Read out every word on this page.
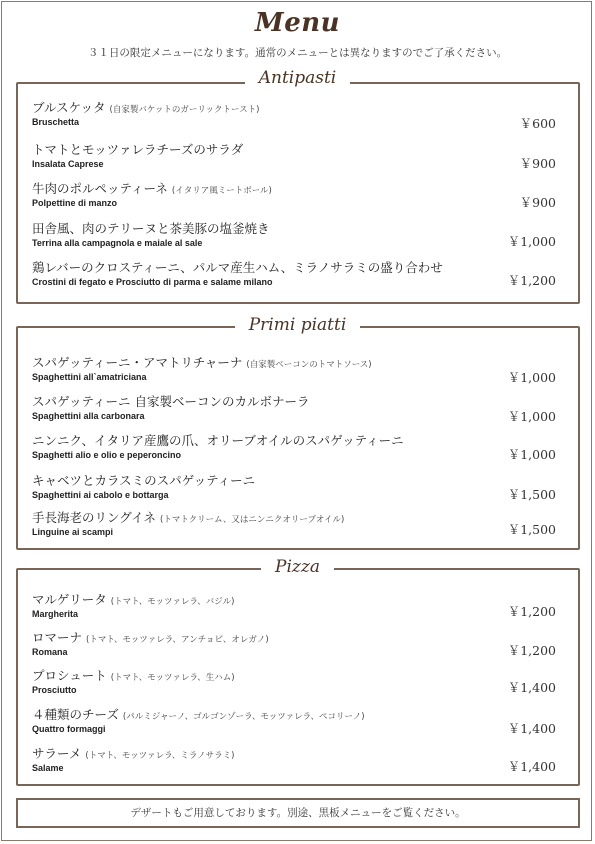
Menu
３１日の限定メニューになります。通常のメニューとは異なりますのでご了承ください。
ブルスケッタ (自家製バケットのガーリックトースト)
Bruschetta	￥600
トマトとモッツァレラチーズのサラダ
Insalata Caprese	￥900
牛肉のポルペッティーネ (イタリア風ミートボール)
Polpettine di manzo	￥900
田舎風、肉のテリーヌと茶美豚の塩釜焼き
Terrina alla campagnola e maiale al sale	￥1,000
鶏レバーのクロスティーニ、パルマ産生ハム、ミラノサラミの盛り合わせ
Crostini di fegato e Prosciutto di parma e salame milano	￥1,200
Antipasti
スパゲッティーニ・アマトリチャーナ (自家製ベーコンのトマトソース)
Spaghettini all`amatriciana	￥1,000
スパゲッティーニ 自家製ベーコンのカルボナーラ
Spaghettini alla carbonara	￥1,000
ニンニク、イタリア産鷹の爪、オリーブオイルのスパゲッティーニ
Spaghetti alio e olio e peperoncino	￥1,000
キャベツとカラスミのスパゲッティーニ
Spaghettini ai cabolo e bottarga	￥1,500
手長海老のリングイネ (トマトクリーム、又はニンニクオリーブオイル)
Linguine ai scampi	￥1,500
Primi piatti
マルゲリータ (トマト、モッツァレラ、バジル)
Margherita	￥1,200
ロマーナ (トマト、モッツァレラ、アンチョビ、オレガノ)
Romana	￥1,200
プロシュート (トマト、モッツァレラ、生ハム)
Prosciutto	￥1,400
４種類のチーズ (パルミジャーノ、ゴルゴンゾーラ、モッツァレラ、ペコリーノ)
Quattro formaggi	￥1,400
サラーメ (トマト、モッツァレラ、ミラノサラミ)
Salame	￥1,400
Pizza
デザートもご用意しております。別途、黒板メニューをご覧ください。
